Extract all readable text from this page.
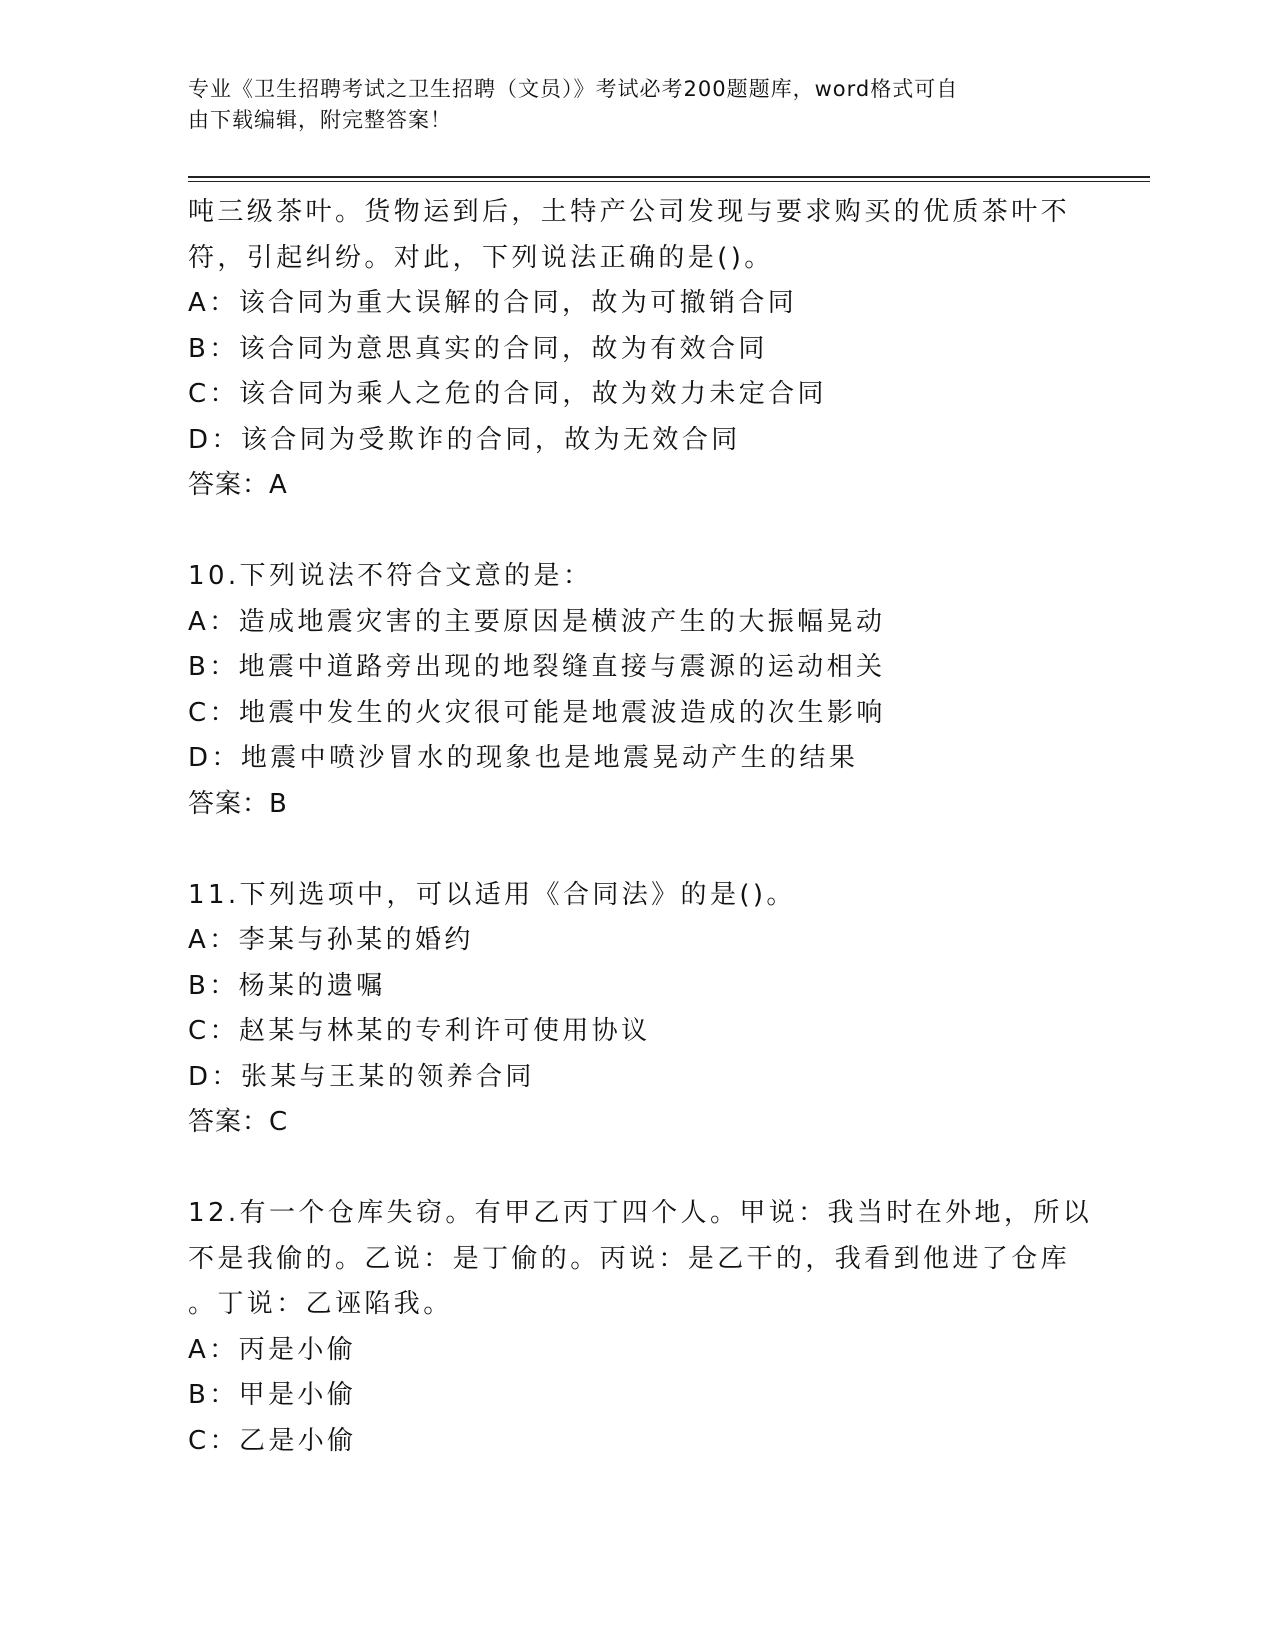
专业《卫生招聘考试之卫生招聘（文员）》考试必考200题题库，word格式可自
由下载编辑，附完整答案！
吨三级茶叶。货物运到后，土特产公司发现与要求购买的优质茶叶不
符，引起纠纷。对此，下列说法正确的是()。
A：该合同为重大误解的合同，故为可撤销合同
B：该合同为意思真实的合同，故为有效合同
C：该合同为乘人之危的合同，故为效力未定合同
D：该合同为受欺诈的合同，故为无效合同
答案：A
10.下列说法不符合文意的是：
A：造成地震灾害的主要原因是横波产生的大振幅晃动
B：地震中道路旁出现的地裂缝直接与震源的运动相关
C：地震中发生的火灾很可能是地震波造成的次生影响
D：地震中喷沙冒水的现象也是地震晃动产生的结果
答案：B
11.下列选项中，可以适用《合同法》的是()。
A：李某与孙某的婚约
B：杨某的遗嘱
C：赵某与林某的专利许可使用协议
D：张某与王某的领养合同
答案：C
12.有一个仓库失窃。有甲乙丙丁四个人。甲说：我当时在外地，所以
不是我偷的。乙说：是丁偷的。丙说：是乙干的，我看到他进了仓库
。丁说：乙诬陷我。
A：丙是小偷
B：甲是小偷
C：乙是小偷
